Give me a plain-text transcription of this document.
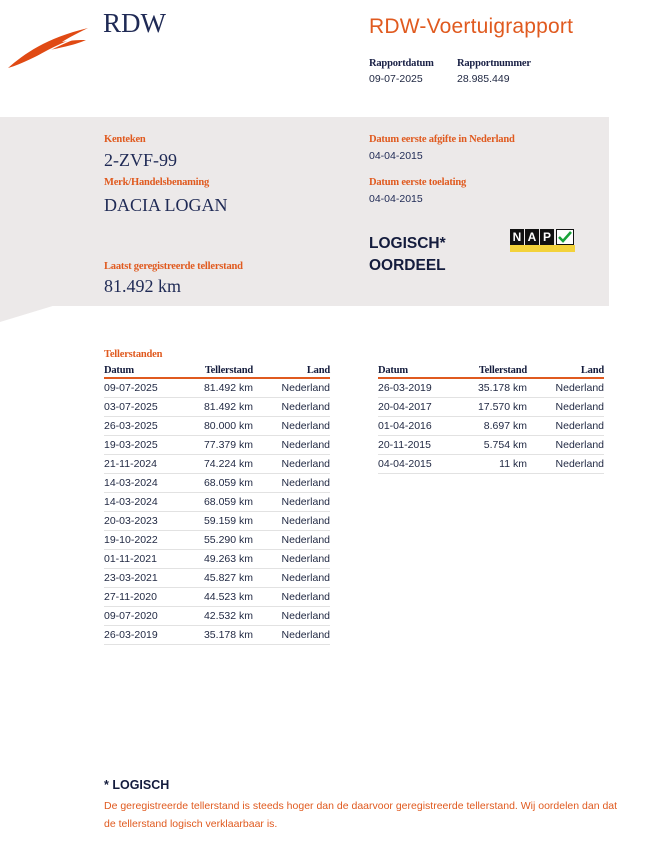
RDW	RDW-Voertuigrapport
Rapportdatum
09-07-2025
Rapportnummer
28.985.449
Kenteken
2-ZVF-99
Merk/Handelsbenaming
DACIA LOGAN
Datum eerste afgifte in Nederland
04-04-2015
Datum eerste toelating
04-04-2015
LOGISCH*
OORDEEL
N A P
Laatst geregistreerde tellerstand
81.492 km
Tellerstanden
Datum	Tellerstand	Land
09-07-2025	81.492 km	Nederland
03-07-2025	81.492 km	Nederland
26-03-2025	80.000 km	Nederland
19-03-2025	77.379 km	Nederland
21-11-2024	74.224 km	Nederland
14-03-2024	68.059 km	Nederland
14-03-2024	68.059 km	Nederland
20-03-2023	59.159 km	Nederland
19-10-2022	55.290 km	Nederland
01-11-2021	49.263 km	Nederland
23-03-2021	45.827 km	Nederland
27-11-2020	44.523 km	Nederland
09-07-2020	42.532 km	Nederland
26-03-2019	35.178 km	Nederland
Datum	Tellerstand	Land
26-03-2019	35.178 km	Nederland
20-04-2017	17.570 km	Nederland
01-04-2016	8.697 km	Nederland
20-11-2015	5.754 km	Nederland
04-04-2015	11 km	Nederland
* LOGISCH
De geregistreerde tellerstand is steeds hoger dan de daarvoor geregistreerde tellerstand. Wij oordelen dan dat de tellerstand logisch verklaarbaar is.
